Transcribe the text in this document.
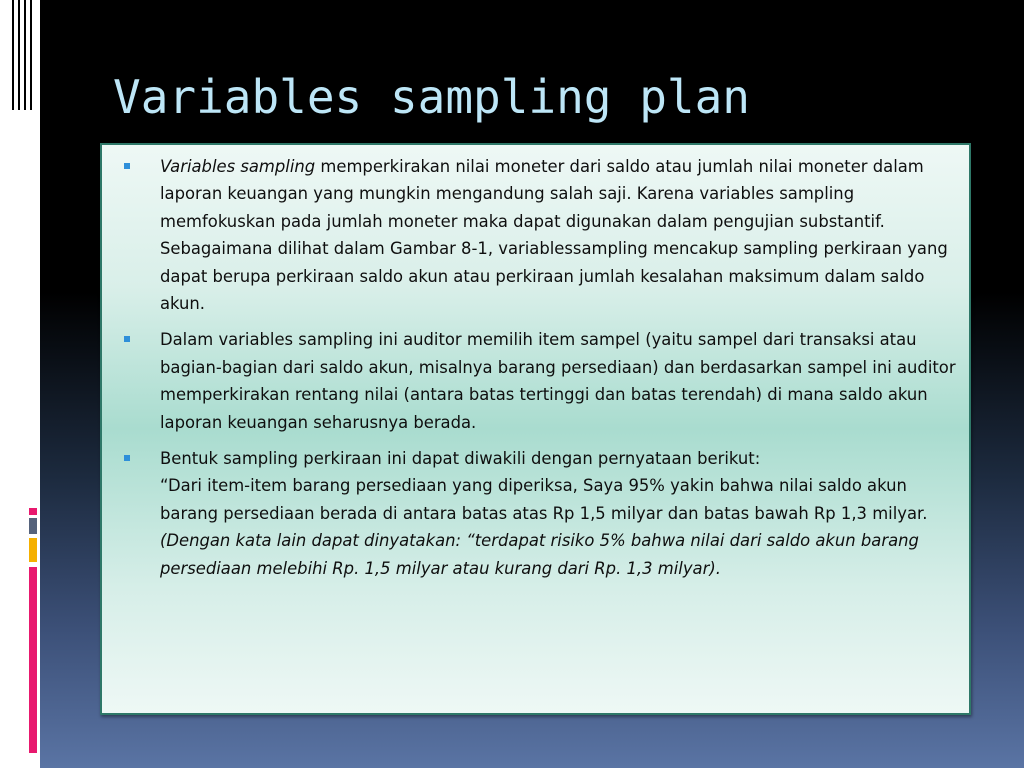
Variables sampling plan
Variables sampling memperkirakan nilai moneter dari saldo atau jumlah nilai moneter dalam laporan keuangan yang mungkin mengandung salah saji. Karena variables sampling memfokuskan pada jumlah moneter maka dapat digunakan dalam pengujian substantif. Sebagaimana dilihat dalam Gambar 8-1, variablessampling mencakup sampling perkiraan yang dapat berupa perkiraan saldo akun atau perkiraan jumlah kesalahan maksimum dalam saldo akun.
Dalam variables sampling ini auditor memilih item sampel (yaitu sampel dari transaksi atau bagian-bagian dari saldo akun, misalnya barang persediaan) dan berdasarkan sampel ini auditor memperkirakan rentang nilai (antara batas tertinggi dan batas terendah) di mana saldo akun laporan keuangan seharusnya berada.
Bentuk sampling perkiraan ini dapat diwakili dengan pernyataan berikut:
“Dari item-item barang persediaan yang diperiksa, Saya 95% yakin bahwa nilai saldo akun barang persediaan berada di antara batas atas Rp 1,5 milyar dan batas bawah Rp 1,3 milyar.
(Dengan kata lain dapat dinyatakan: “terdapat risiko 5% bahwa nilai dari saldo akun barang persediaan melebihi Rp. 1,5 milyar atau kurang dari Rp. 1,3 milyar).
